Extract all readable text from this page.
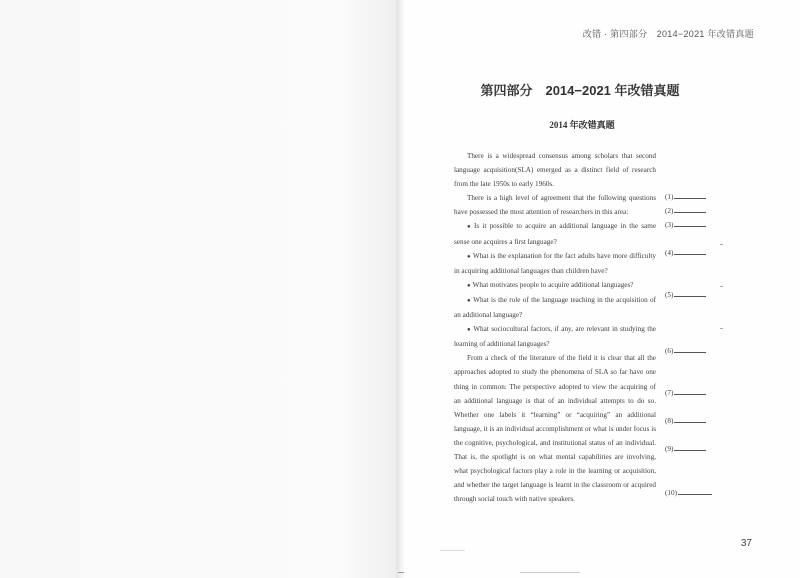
改错 · 第四部分　2014−2021 年改错真题
第四部分　2014−2021 年改错真题
2014 年改错真题

There is a widespread consensus among scholars that second language acquisition(SLA) emerged as a distinct field of research from the late 1950s to early 1960s.

There is a high level of agreement that the following questions have possessed the most attention of researchers in this area:

● Is it possible to acquire an additional language in the same sense one acquires a first language?

● What is the explanation for the fact adults have more difficulty in acquiring additional languages than children have?

● What motivates people to acquire additional languages?

● What is the role of the language teaching in the acquisition of an additional language?

● What sociocultural factors, if any, are relevant in studying the learning of additional languages?

From a check of the literature of the field it is clear that all the approaches adopted to study the phenomena of SLA so far have one thing in common: The perspective adopted to view the acquiring of an additional language is that of an individual attempts to do so. Whether one labels it “learning” or “acquiring” an additional language, it is an individual accomplishment or what is under focus is the cognitive, psychological, and institutional status of an individual. That is, the spotlight is on what mental capabilities are involving, what psychological factors play a role in the learning or acquisition, and whether the target language is learnt in the classroom or acquired through social touch with native speakers.

(1)
(2)
(3)
(4)
(5)
(6)
(7)
(8)
(9)
(10)
37
